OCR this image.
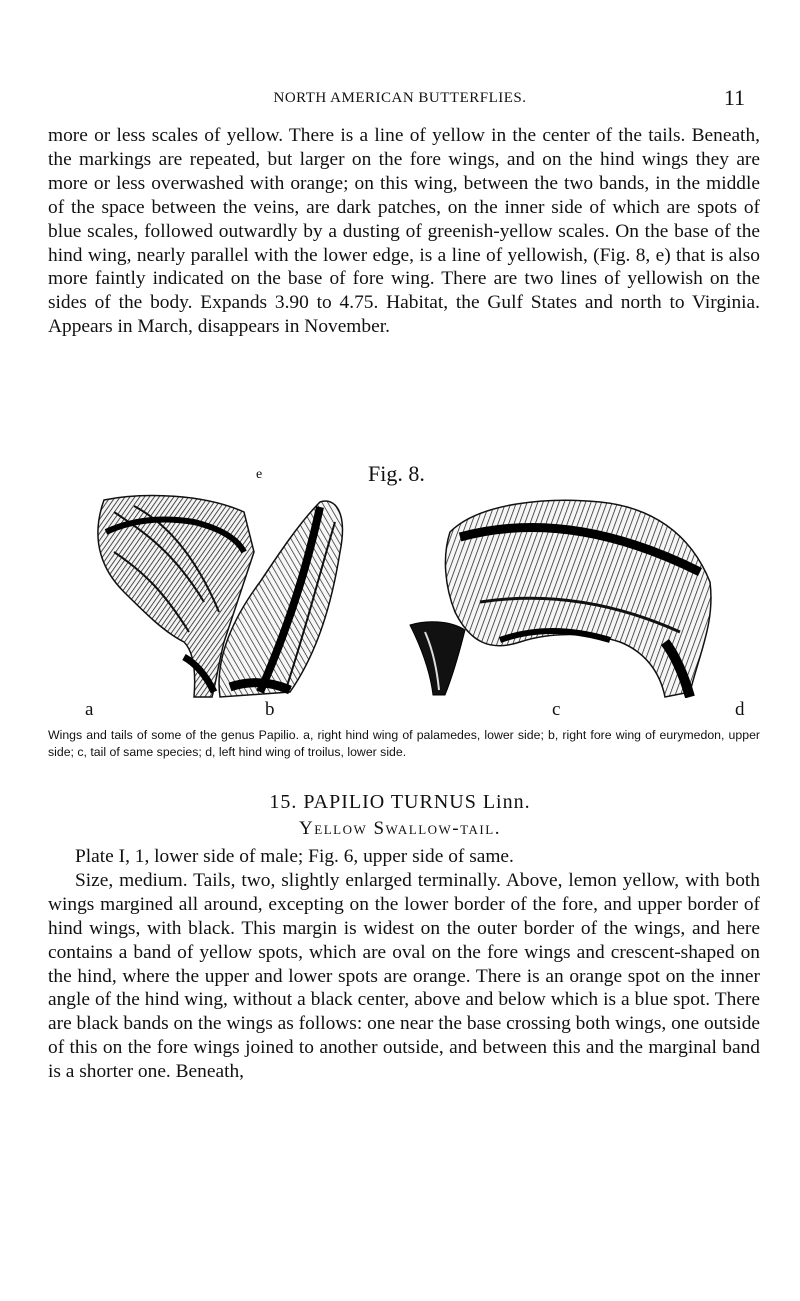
NORTH AMERICAN BUTTERFLIES.	11
more or less scales of yellow. There is a line of yellow in the center of the tails. Beneath, the markings are repeated, but larger on the fore wings, and on the hind wings they are more or less overwashed with orange; on this wing, between the two bands, in the middle of the space between the veins, are dark patches, on the inner side of which are spots of blue scales, followed outwardly by a dusting of greenish-yellow scales. On the base of the hind wing, nearly parallel with the lower edge, is a line of yellowish, (Fig. 8, e) that is also more faintly indicated on the base of fore wing. There are two lines of yellowish on the sides of the body. Expands 3.90 to 4.75. Habitat, the Gulf States and north to Virginia. Appears in March, disappears in November.
e	Fig. 8.
a	b	c	d
Wings and tails of some of the genus Papilio. a, right hind wing of palamedes, lower side; b, right fore wing of eurymedon, upper side; c, tail of same species; d, left hind wing of troilus, lower side.
15. PAPILIO TURNUS Linn.
Yellow Swallow-tail.
Plate I, 1, lower side of male; Fig. 6, upper side of same.
Size, medium. Tails, two, slightly enlarged terminally. Above, lemon yellow, with both wings margined all around, excepting on the lower border of the fore, and upper border of hind wings, with black. This margin is widest on the outer border of the wings, and here contains a band of yellow spots, which are oval on the fore wings and crescent-shaped on the hind, where the upper and lower spots are orange. There is an orange spot on the inner angle of the hind wing, without a black center, above and below which is a blue spot. There are black bands on the wings as follows: one near the base crossing both wings, one outside of this on the fore wings joined to another outside, and between this and the marginal band is a shorter one. Beneath,
